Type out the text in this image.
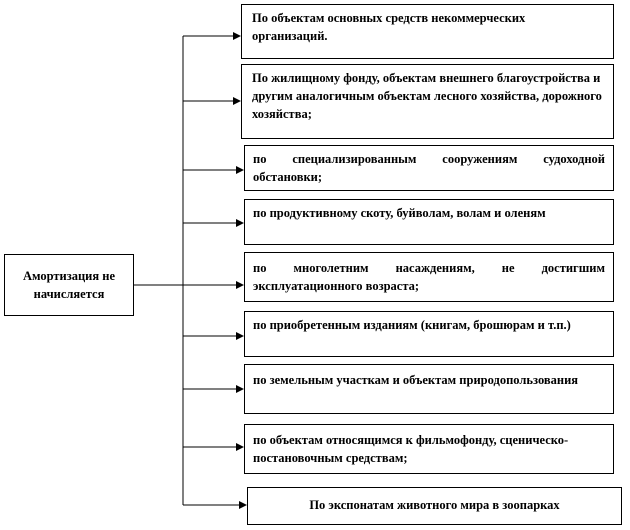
Амортизация не начисляется
По объектам основных средств некоммерческих организаций.
По жилищному фонду, объектам внешнего благоустройства и другим аналогичным объектам лесного хозяйства, дорожного хозяйства;
по специализированным сооружениям судоходной обстановки;
по продуктивному скоту, буйволам, волам и оленям
по многолетним насаждениям, не достигшим эксплуатационного возраста;
по приобретенным изданиям (книгам, брошюрам и т.п.)
по земельным участкам и объектам природопользования
по объектам относящимся к фильмофонду, сценическо-постановочным средствам;
По экспонатам животного мира в зоопарках
